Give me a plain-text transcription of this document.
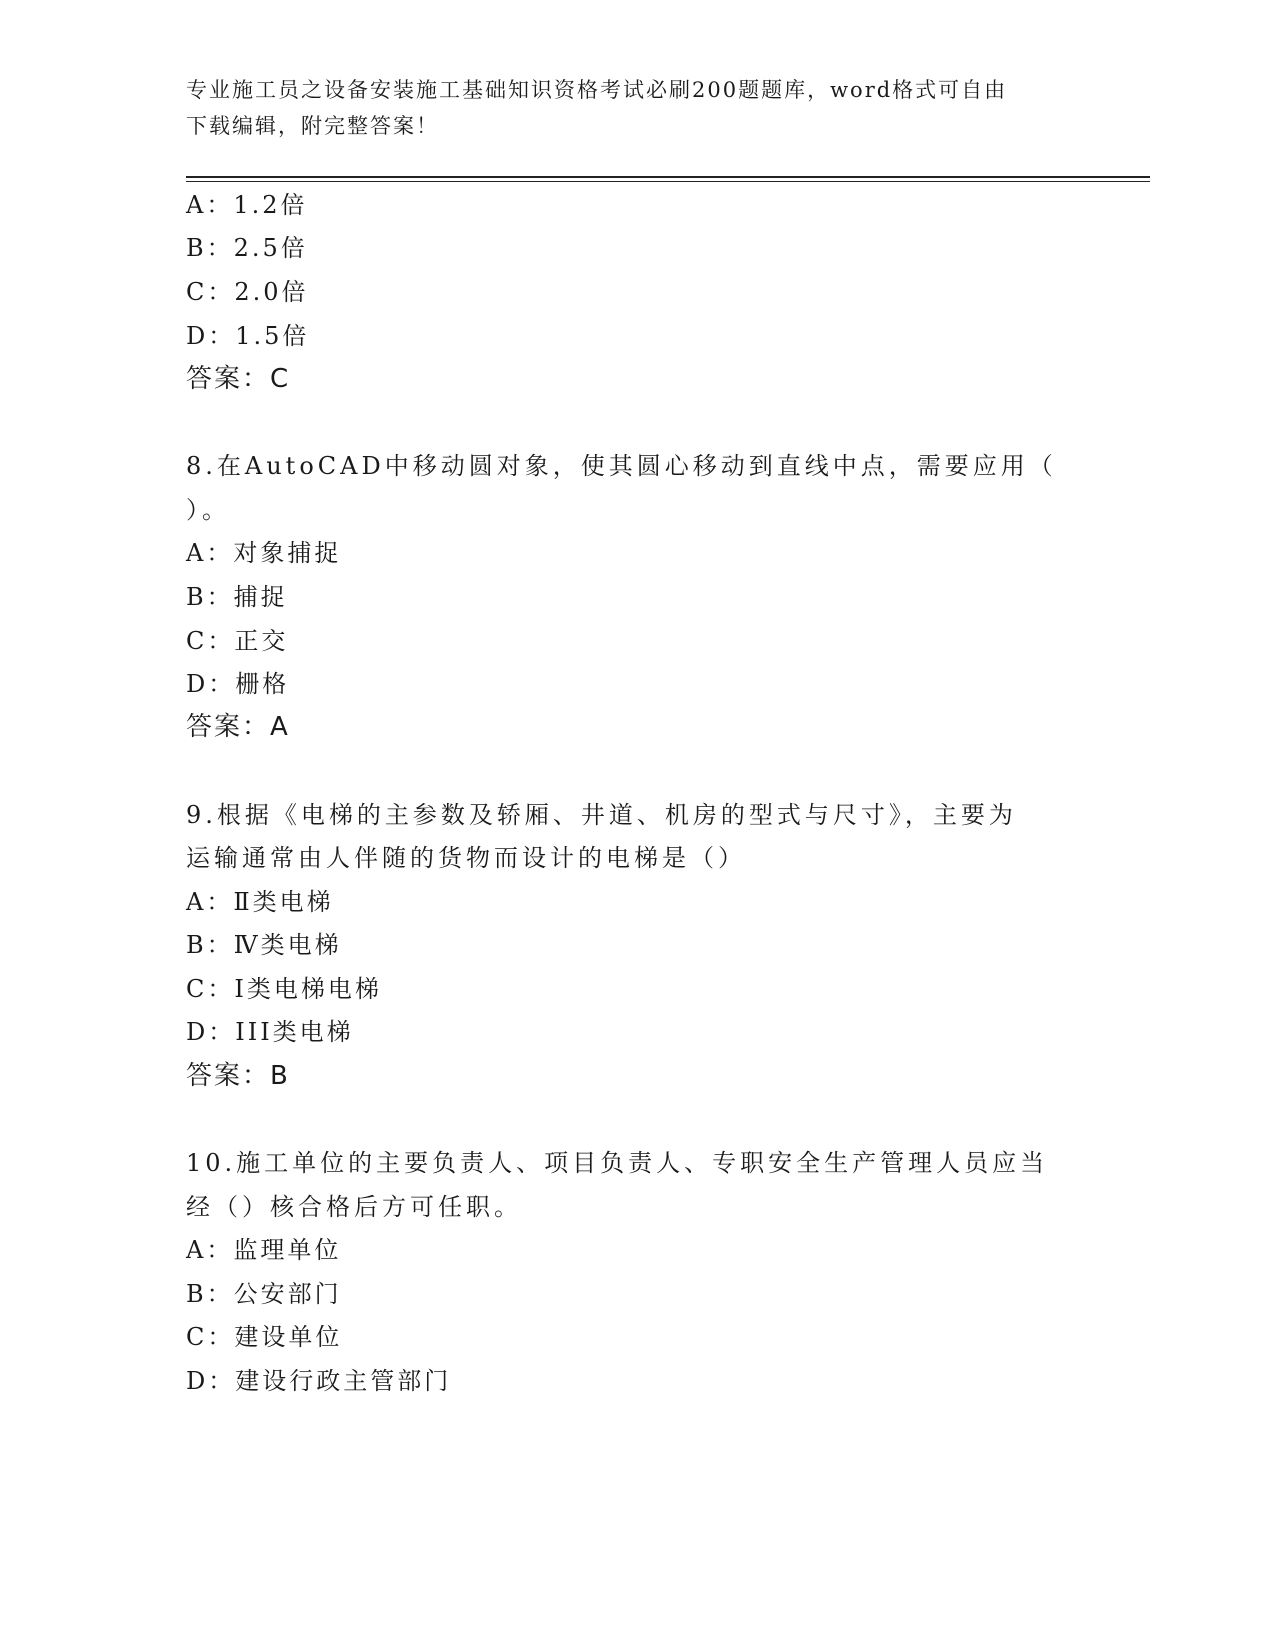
专业施工员之设备安装施工基础知识资格考试必刷200题题库，word格式可自由
下载编辑，附完整答案！
A：1.2倍
B：2.5倍
C：2.0倍
D：1.5倍
答案：C
8.在AutoCAD中移动圆对象，使其圆心移动到直线中点，需要应用（
）。
A：对象捕捉
B：捕捉
C：正交
D：栅格
答案：A
9.根据《电梯的主参数及轿厢、井道、机房的型式与尺寸》，主要为
运输通常由人伴随的货物而设计的电梯是（）
A：Ⅱ类电梯
B：Ⅳ类电梯
C：Ⅰ类电梯电梯
D：III类电梯
答案：B
10.施工单位的主要负责人、项目负责人、专职安全生产管理人员应当
经（）核合格后方可任职。
A：监理单位
B：公安部门
C：建设单位
D：建设行政主管部门
